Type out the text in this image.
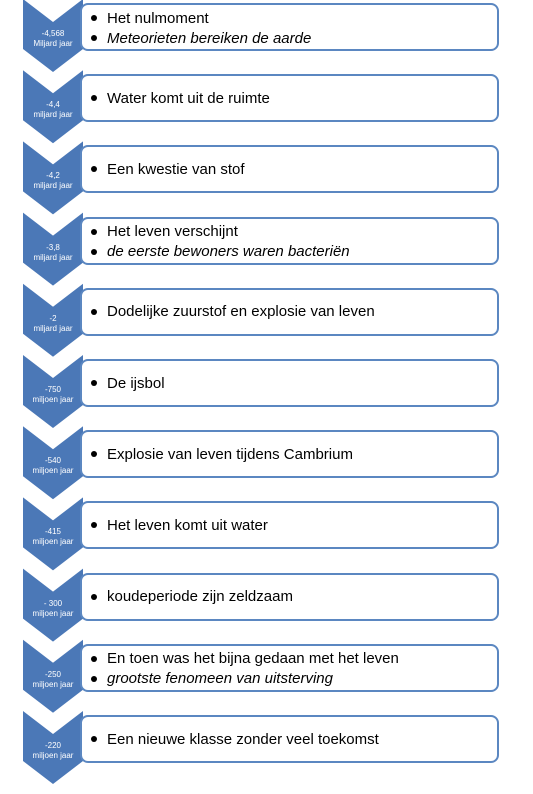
-4,568
Miljard jaar
-4,4
miljard jaar
-4,2
miljard jaar
-3,8
miljard jaar
-2
miljard jaar
-750
miljoen jaar
-540
miljoen jaar
-415
miljoen jaar
- 300
miljoen jaar
-250
miljoen jaar
-220
miljoen jaar
Het nulmoment
Meteorieten bereiken de aarde
Water komt uit de ruimte
Een kwestie van stof
Het leven verschijnt
de eerste bewoners waren bacteriën
Dodelijke zuurstof en explosie van leven
De ijsbol
Explosie van leven tijdens Cambrium
Het leven komt uit water
koudeperiode zijn zeldzaam
En toen was het bijna gedaan met het leven
grootste fenomeen van uitsterving
Een nieuwe klasse zonder veel toekomst
